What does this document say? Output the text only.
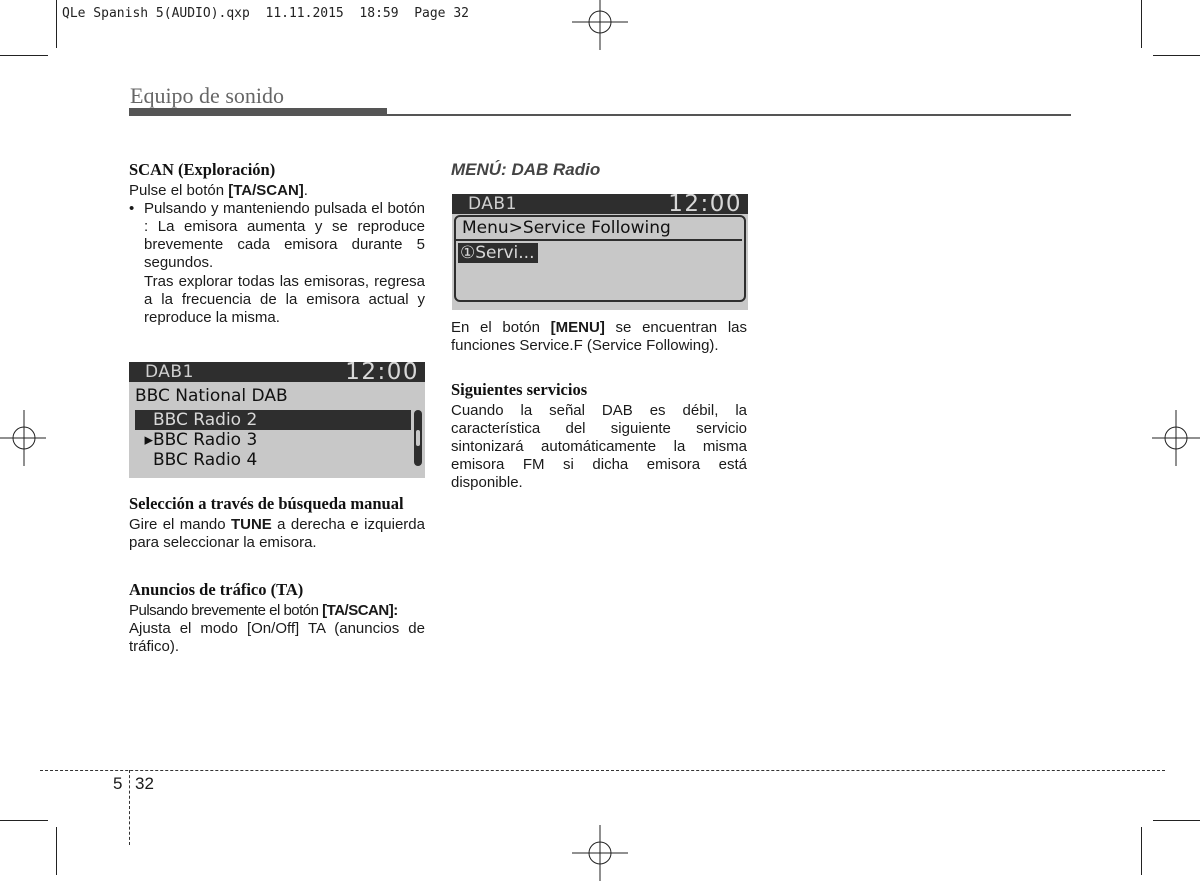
QLe Spanish 5(AUDIO).qxp  11.11.2015  18:59  Page 32
Equipo de sonido
SCAN (Exploración)

Pulse el botón [TA/SCAN].

• Pulsando y manteniendo pulsada el botón : La emisora aumenta y se reproduce brevemente cada emisora durante 5 segundos.

Tras explorar todas las emisoras, regresa a la frecuencia de la emisora actual y reproduce la misma.

DAB1	12:00
BBC National DAB
BBC Radio 2
▸BBC Radio 3
BBC Radio 4
Selección a través de búsqueda manual

Gire el mando TUNE a derecha e izquierda para seleccionar la emisora.

Anuncios de tráfico (TA)

Pulsando brevemente el botón [TA/SCAN]:

Ajusta el modo [On/Off] TA (anuncios de tráfico).

MENÚ: DAB Radio
DAB1	12:00
Menu>Service Following
①Servi...

En el botón [MENU] se encuentran las funciones Service.F (Service Following).

Siguientes servicios

Cuando la señal DAB es débil, la característica del siguiente servicio sintonizará automáticamente la misma emisora FM si dicha emisora está disponible.

5 32
